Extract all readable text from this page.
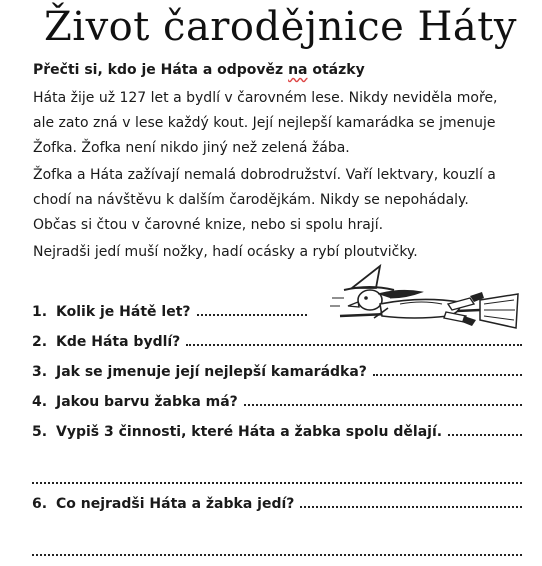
Život čarodějnice Háty
Přečti si, kdo je Háta a odpověz na otázky

Háta žije už 127 let a bydlí v čarovném lese. Nikdy neviděla moře,
ale zato zná v lese každý kout. Její nejlepší kamarádka se jmenuje
Žofka. Žofka není nikdo jiný než zelená žába.

Žofka a Háta zažívají nemalá dobrodružství. Vaří lektvary, kouzlí a
chodí na návštěvu k dalším čarodějkám. Nikdy se nepohádaly.
Občas si čtou v čarovné knize, nebo si spolu hrají.

Nejradši jedí muší nožky, hadí ocásky a rybí ploutvičky.

1. Kolik je Hátě let?
2. Kde Háta bydlí?
3. Jak se jmenuje její nejlepší kamarádka?
4. Jakou barvu žabka má?
5. Vypiš 3 činnosti, které Háta a žabka spolu dělají.
6. Co nejradši Háta a žabka jedí?
